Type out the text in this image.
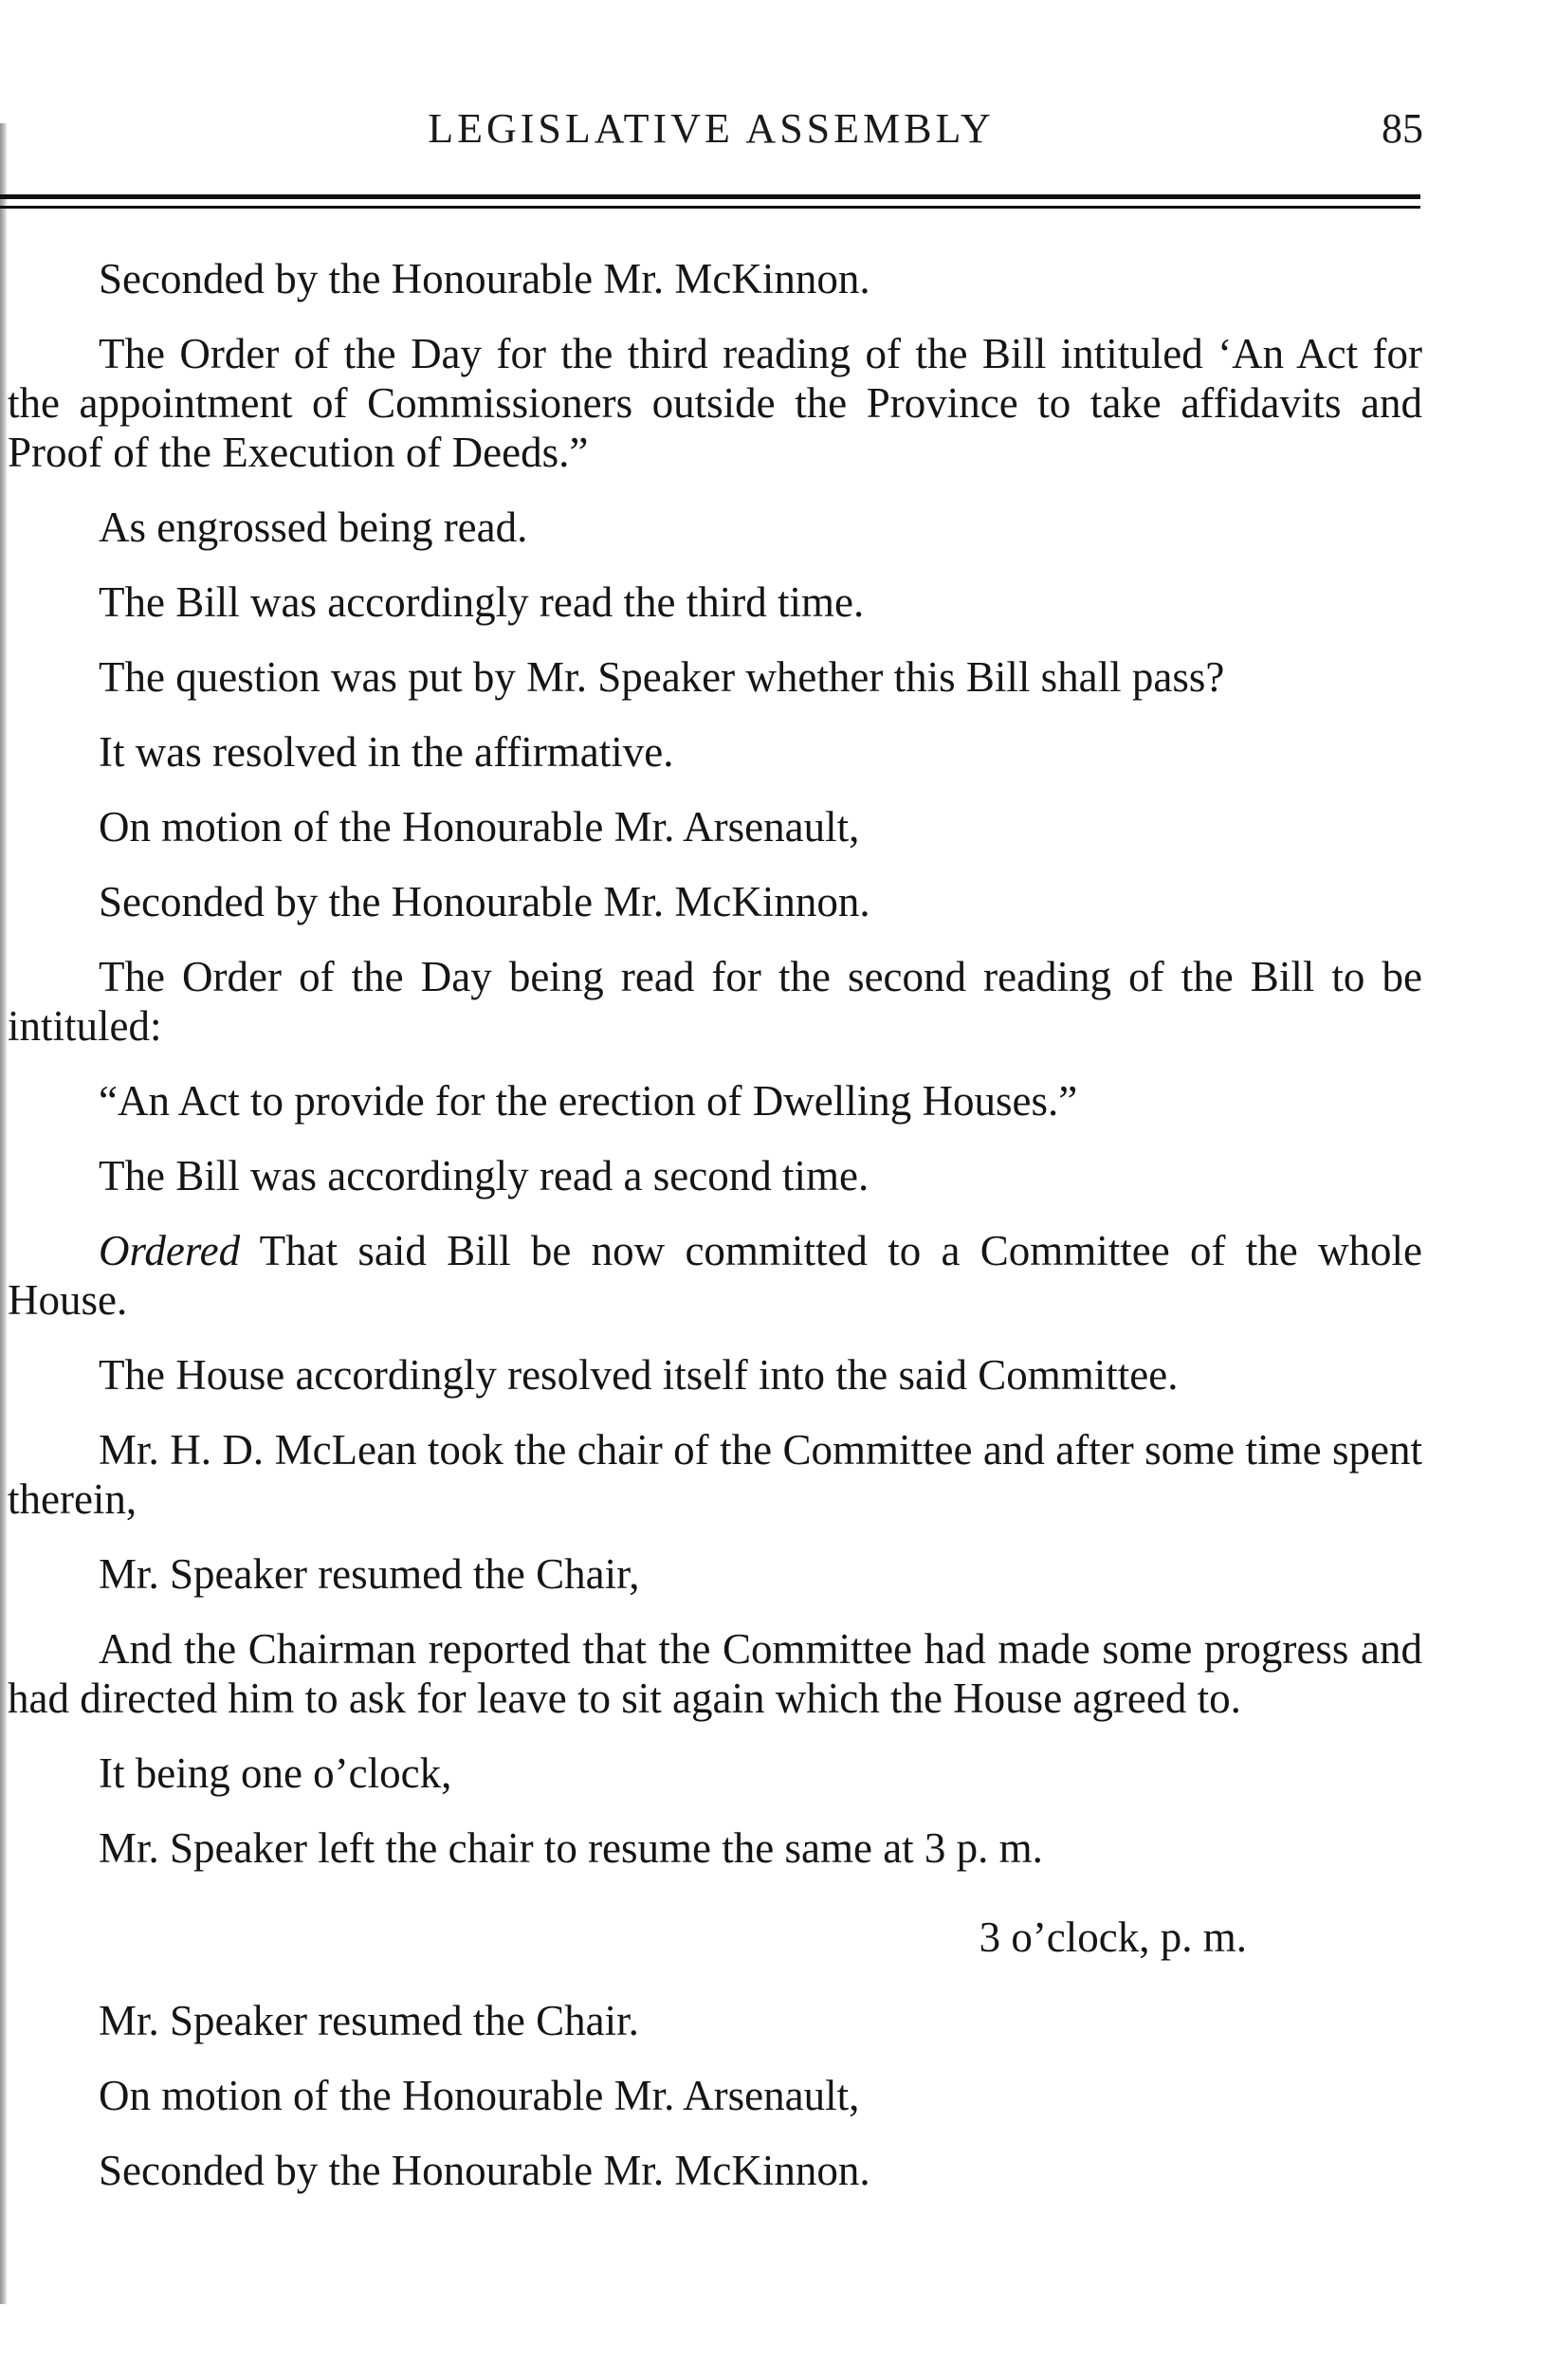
LEGISLATIVE ASSEMBLY	85

Seconded by the Honourable Mr. McKinnon.

The Order of the Day for the third reading of the Bill intituled ‘An Act for the appointment of Commissioners outside the Province to take affidavits and Proof of the Execution of Deeds.”

As engrossed being read.

The Bill was accordingly read the third time.

The question was put by Mr. Speaker whether this Bill shall pass?

It was resolved in the affirmative.

On motion of the Honourable Mr. Arsenault,

Seconded by the Honourable Mr. McKinnon.

The Order of the Day being read for the second reading of the Bill to be intituled:

“An Act to provide for the erection of Dwelling Houses.”

The Bill was accordingly read a second time.

Ordered That said Bill be now committed to a Committee of the whole House.

The House accordingly resolved itself into the said Committee.

Mr. H. D. McLean took the chair of the Committee and after some time spent therein,

Mr. Speaker resumed the Chair,

And the Chairman reported that the Committee had made some progress and had directed him to ask for leave to sit again which the House agreed to.

It being one o’clock,

Mr. Speaker left the chair to resume the same at 3 p. m.

3 o’clock, p. m.

Mr. Speaker resumed the Chair.

On motion of the Honourable Mr. Arsenault,

Seconded by the Honourable Mr. McKinnon.
